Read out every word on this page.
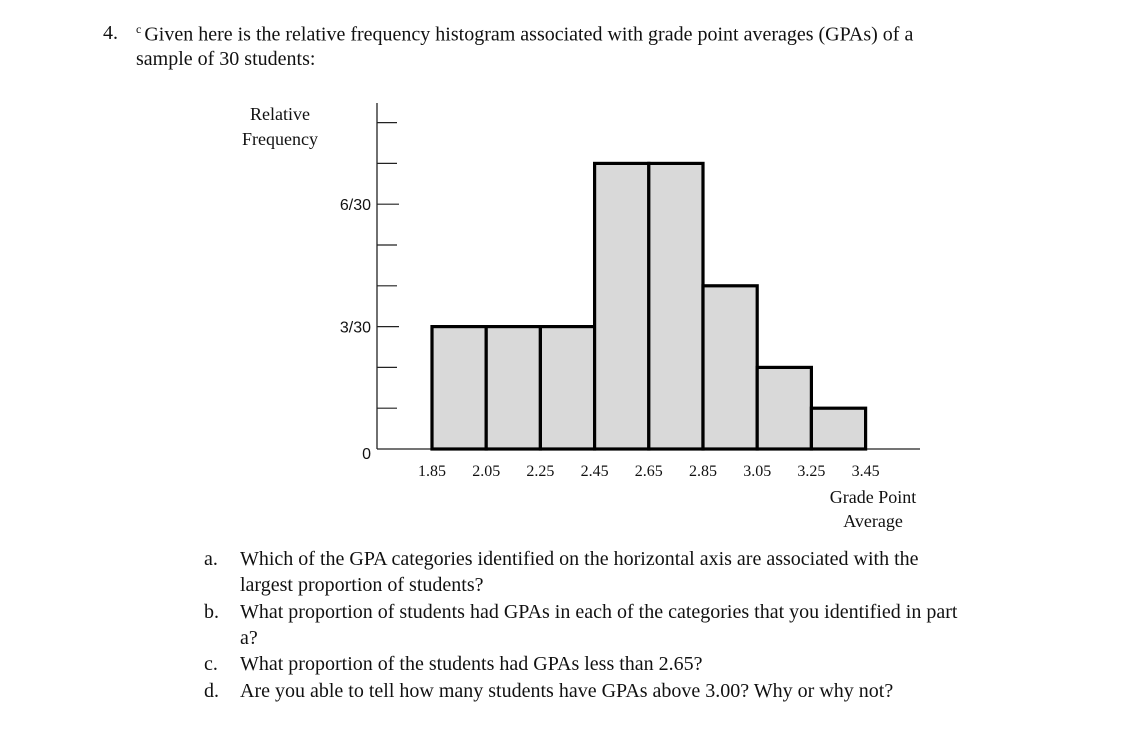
4. $^c$ Given here is the relative frequency histogram associated with grade point averages (GPAs) of a
sample of 30 students:
0
3/30
6/30
Relative
Frequency
1.85 2.05 2.25 2.45 2.65 2.85 3.05 3.25 3.45
Grade Point
Average
a. Which of the GPA categories identified on the horizontal axis are associated with the
largest proportion of students?
b. What proportion of students had GPAs in each of the categories that you identified in part
a?
c. What proportion of the students had GPAs less than 2.65?
d. Are you able to tell how many students have GPAs above 3.00? Why or why not?
